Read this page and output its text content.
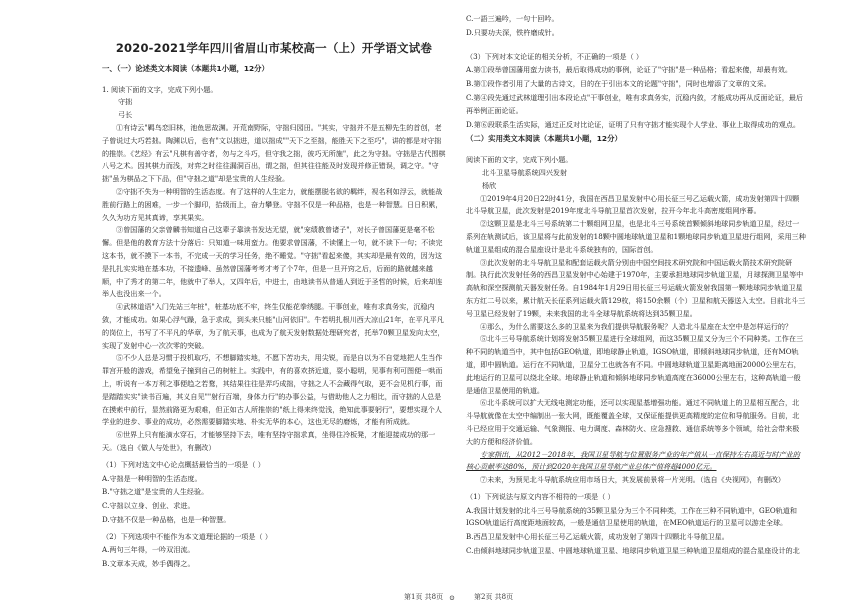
2020-2021学年四川省眉山市某校高一（上）开学语文试卷
一、（一）论述类文本阅读（本题共1小题，12分）

1. 阅读下面的文字，完成下列小题。

守拙

弓长

①有诗云"羁鸟恋旧林，池鱼思故渊。开荒南野际，守拙归园田。"其实，守拙并不是五柳先生的首创，老子曾说过大巧若拙。陶渊以后，也有"文以拙进，道以拙成""天下之至拙，能胜天下之至巧"，讲的都是对守拙的推崇。《艺经》有云"凡棋有善守者，勿与之斗巧，但守我之拙，彼巧无所施"，此之为守拙。守拙是古代围棋八号之术。因其棋力而浅，对弈之时往往漏洞百出，谓之拙，但其往往能及时发现并修正错误，调之守。"守拙"虽为棋品之下下品，但"守拙之道"却是宝贵的人生经验。

②守拙不失为一种明智的生活态度。有了这样的人生定力，就能摆脱名欲的羁绊，视名利如浮云，就能战胜前行路上的困难，一步一个脚印，拾级而上，奋力攀登。守拙不仅是一种品格，也是一种智慧。日日积累，久久为功方见其真谛，享其果实。

③曾国藩的父亲曾麟书知道自己这辈子靠读书发达无望，就"宠绩教曾诸子"，对长子曾国藩更是毫不松懈。但是他的教育方法十分落后：只知道一味用蛮力。他要求曾国藩，不读懂上一句，就不读下一句；不读完这本书，就不摸下一本书，不完成一天的学习任务，绝不睡觉。"守拙"看起来傻，其实却是最有效的，因为这是扎扎实实地在基本功，不接遗峰、虽然曾国藩考考才考了个7年，但是一旦开窍之后，后面的路就越来越顺，中了秀才的第二年，他就中了举人，又四年后，中进士，由地读书从普通人到近于圣哲的时候，后来却连举人也没出来一个。

④武林道语"入门先站三年桩"，桩基功底不牢，终生仅能花拳绣腿。干事创业，唯有求真务实，沉稳内敛，才能成功。如果心浮气躁，急于求成，到头来只能"山河依旧"。牛若明扎根川西大凉山21年，在平凡平凡的岗位上，书写了不平凡的华章，为了航天事，也成为了航天发射数据处理研究者，托举70颗卫星发向太空，实现了发射中心一次次零的突破。

⑤不少人总是习惯于投机取巧，不想脚踏实地，不愿下苦功夫，用尖锐，而是自以为不自觉地把人生当作罪宫开般的游戏，希望兔子撞到自己的树桩上。实践中，有的喜欢挤近道，耍小聪明，见事有利可图便一哄而上，听说有一本万利之事便趋之若鹜，其结果往往是弄巧成拙，守拙之人不会藏得气取，更不会见机行事，而是踏踏实实"读书百遍，其义自见""射行百端，身体力行"的办事公益，与借助他人之力相比，而守拙的人总是在摸索中前行，显然前路更为艰难，但正如古人所推崇的"纸上得来终觉浅，绝知此事要躬行"，要想实现个人学业的进步、事业的成功，必然需要脚踏实地、朴实无华的本心，这也无尽的磨炼，才能有所成就。

⑥世界上只有能滴水穿石，才能够坚持下去，唯有坚持守拙求真，坐得住冷板凳，才能迎接成功的那一天。（选自《做人与处世》，有删改）

（1）下列对选文中心论点概括最恰当的一项是（ ）

A.守拙是一种明智的生活态度。

B."守拙之道"是宝贵的人生经验。

C.守拙以立身、创业、求进。

D.守拙不仅是一种品格，也是一种智慧。

（2）下列选项中不能作为本文道理论据的一项是（ ）

A.两句三年得，一吟双泪流。

B.文章本天成，妙手偶得之。

C.一語三遍吟，一句十回吟。

D.只要功夫深，铁杵磨成针。

（3）下列对本文论证的相关分析，不正确的一项是（ ）

A.第①段举曾国藩用蛮力读书，最后取得成功的事例，论证了"守拙"是一种品格；看起来傻，却最有效。

B.第①段作者引用了大量的古诗文，目的在于引出本文的论题"守拙"，同时也增添了文章的文采。

C.第④段先通过武林道理引出本段论点"干事创业，唯有求真务实，沉稳内敛，才能成功再从反面论证，最后再举例正面论证。

D.第⑥段联系生活实际，通过正反对比论证，证明了只有守拙才能实现个人学业、事业上取得成功的观点。

（二）实用类文本阅读（本题共1小题，12分）

阅读下面的文字，完成下列小题。

北斗卫星导航系统四兴发射

杨欣

①2019年4月20日22时41分，我国在西昌卫星发射中心用长征三号乙运载火箭，成功发射第四十四颗北斗导航卫星，此次发射是2019年度北斗导航卫星首次发射，拉开今年北斗高密度组网序幕。

②这颗卫星是北斗三号系统第二十颗组网卫星，也是北斗三号系统首颗倾斜地球同步轨道卫星，经过一系列在轨测试后，该卫星将与此前发射的18颗中圆地球轨道卫星和1颗地球同步轨道卫星进行组网，采用三种轨道卫星组成的混合星座设计是北斗系统独有的，国际首创。

③此次发射的北斗导航卫星和配套运载火箭分别由中国空间技术研究院和中国运载火箭技术研究院研制。执行此次发射任务的西昌卫星发射中心始建于1970年，主要承担地球同步轨道卫星，月球探测卫星等中高轨和深空探测航天器发射任务。自1984年1月29日用长征三号运载火箭发射我国第一颗地球同步轨道卫星东方红二号以来，累计航天长征系列运载火箭129枚，将150余颗（个）卫星和航天器送入太空。目前北斗三号卫星已经发射了19颗，未来我国的北斗全球导航系统将达到35颗卫星。

④那么，为什么需要这么多的卫星来为我们提供导航服务呢？人造北斗星座在太空中是怎样运行的？

⑤北斗三号导航系统计划将发射35颗卫星进行全球组网，而这35颗卫星又分为三个不同种类。工作在三种不同的轨道当中，其中包括GEO轨道，即地球静止轨道，IGSO轨道，即倾斜地球同步轨道，还有MO轨道，即中圆轨道。运行在不同轨道，卫星分工也就各有不同。中圆地球轨道卫星距离地面20000公里左右，此地运行的卫星可以绕北全球。地球静止轨道和倾斜地球同步轨道高度在36000公里左右，这种高轨道一般是通信卫星使用的轨道。

⑥北斗系统可以扩大无线电测定功能，还可以实现星基增强功能。通过不同轨道上的卫星相互配合，北斗导航就像在太空中编制出一张大网，既能覆盖全球，又保证能提供更高精度的定位和导航服务。目前，北斗已经应用于交通运输、气象测报、电力调度、森林防火、应急搜救、通信系统等多个领域，给社会带来极大的方便和经济价值。

专家指出，从2012－2018年，我国卫星导航与位置服务产业的年产值从一直保持左右高近与时产业的核心贡献率达80%，预计到2020年我国卫星导航产业总体产值将超4000亿元。

⑦未来，为预见北斗导航系统应用市场日大，其发展前景将一片光明。（选自《央视网》，有删改）

（1）下列说法与原文内容不相符的一项是（ ）

A.我国计划发射的北斗三号导航系统的35颗卫星分为三个不同种类，工作在三种不同轨道中，GEO轨道和IGSO轨道运行高度距地面较高，一般是通信卫星使用的轨道，在MEO轨道运行的卫星可以游走全球。

B.西昌卫星发射中心用长征三号乙运载火箭，成功发射了第四十四颗北斗导航卫星。

C.由倾斜地球同步轨道卫星、中圆地球轨道卫星、地球同步轨道卫星三种轨道卫星组成的混合星座设计的北

第1页 共8页 ⊙	第2页 共8页
